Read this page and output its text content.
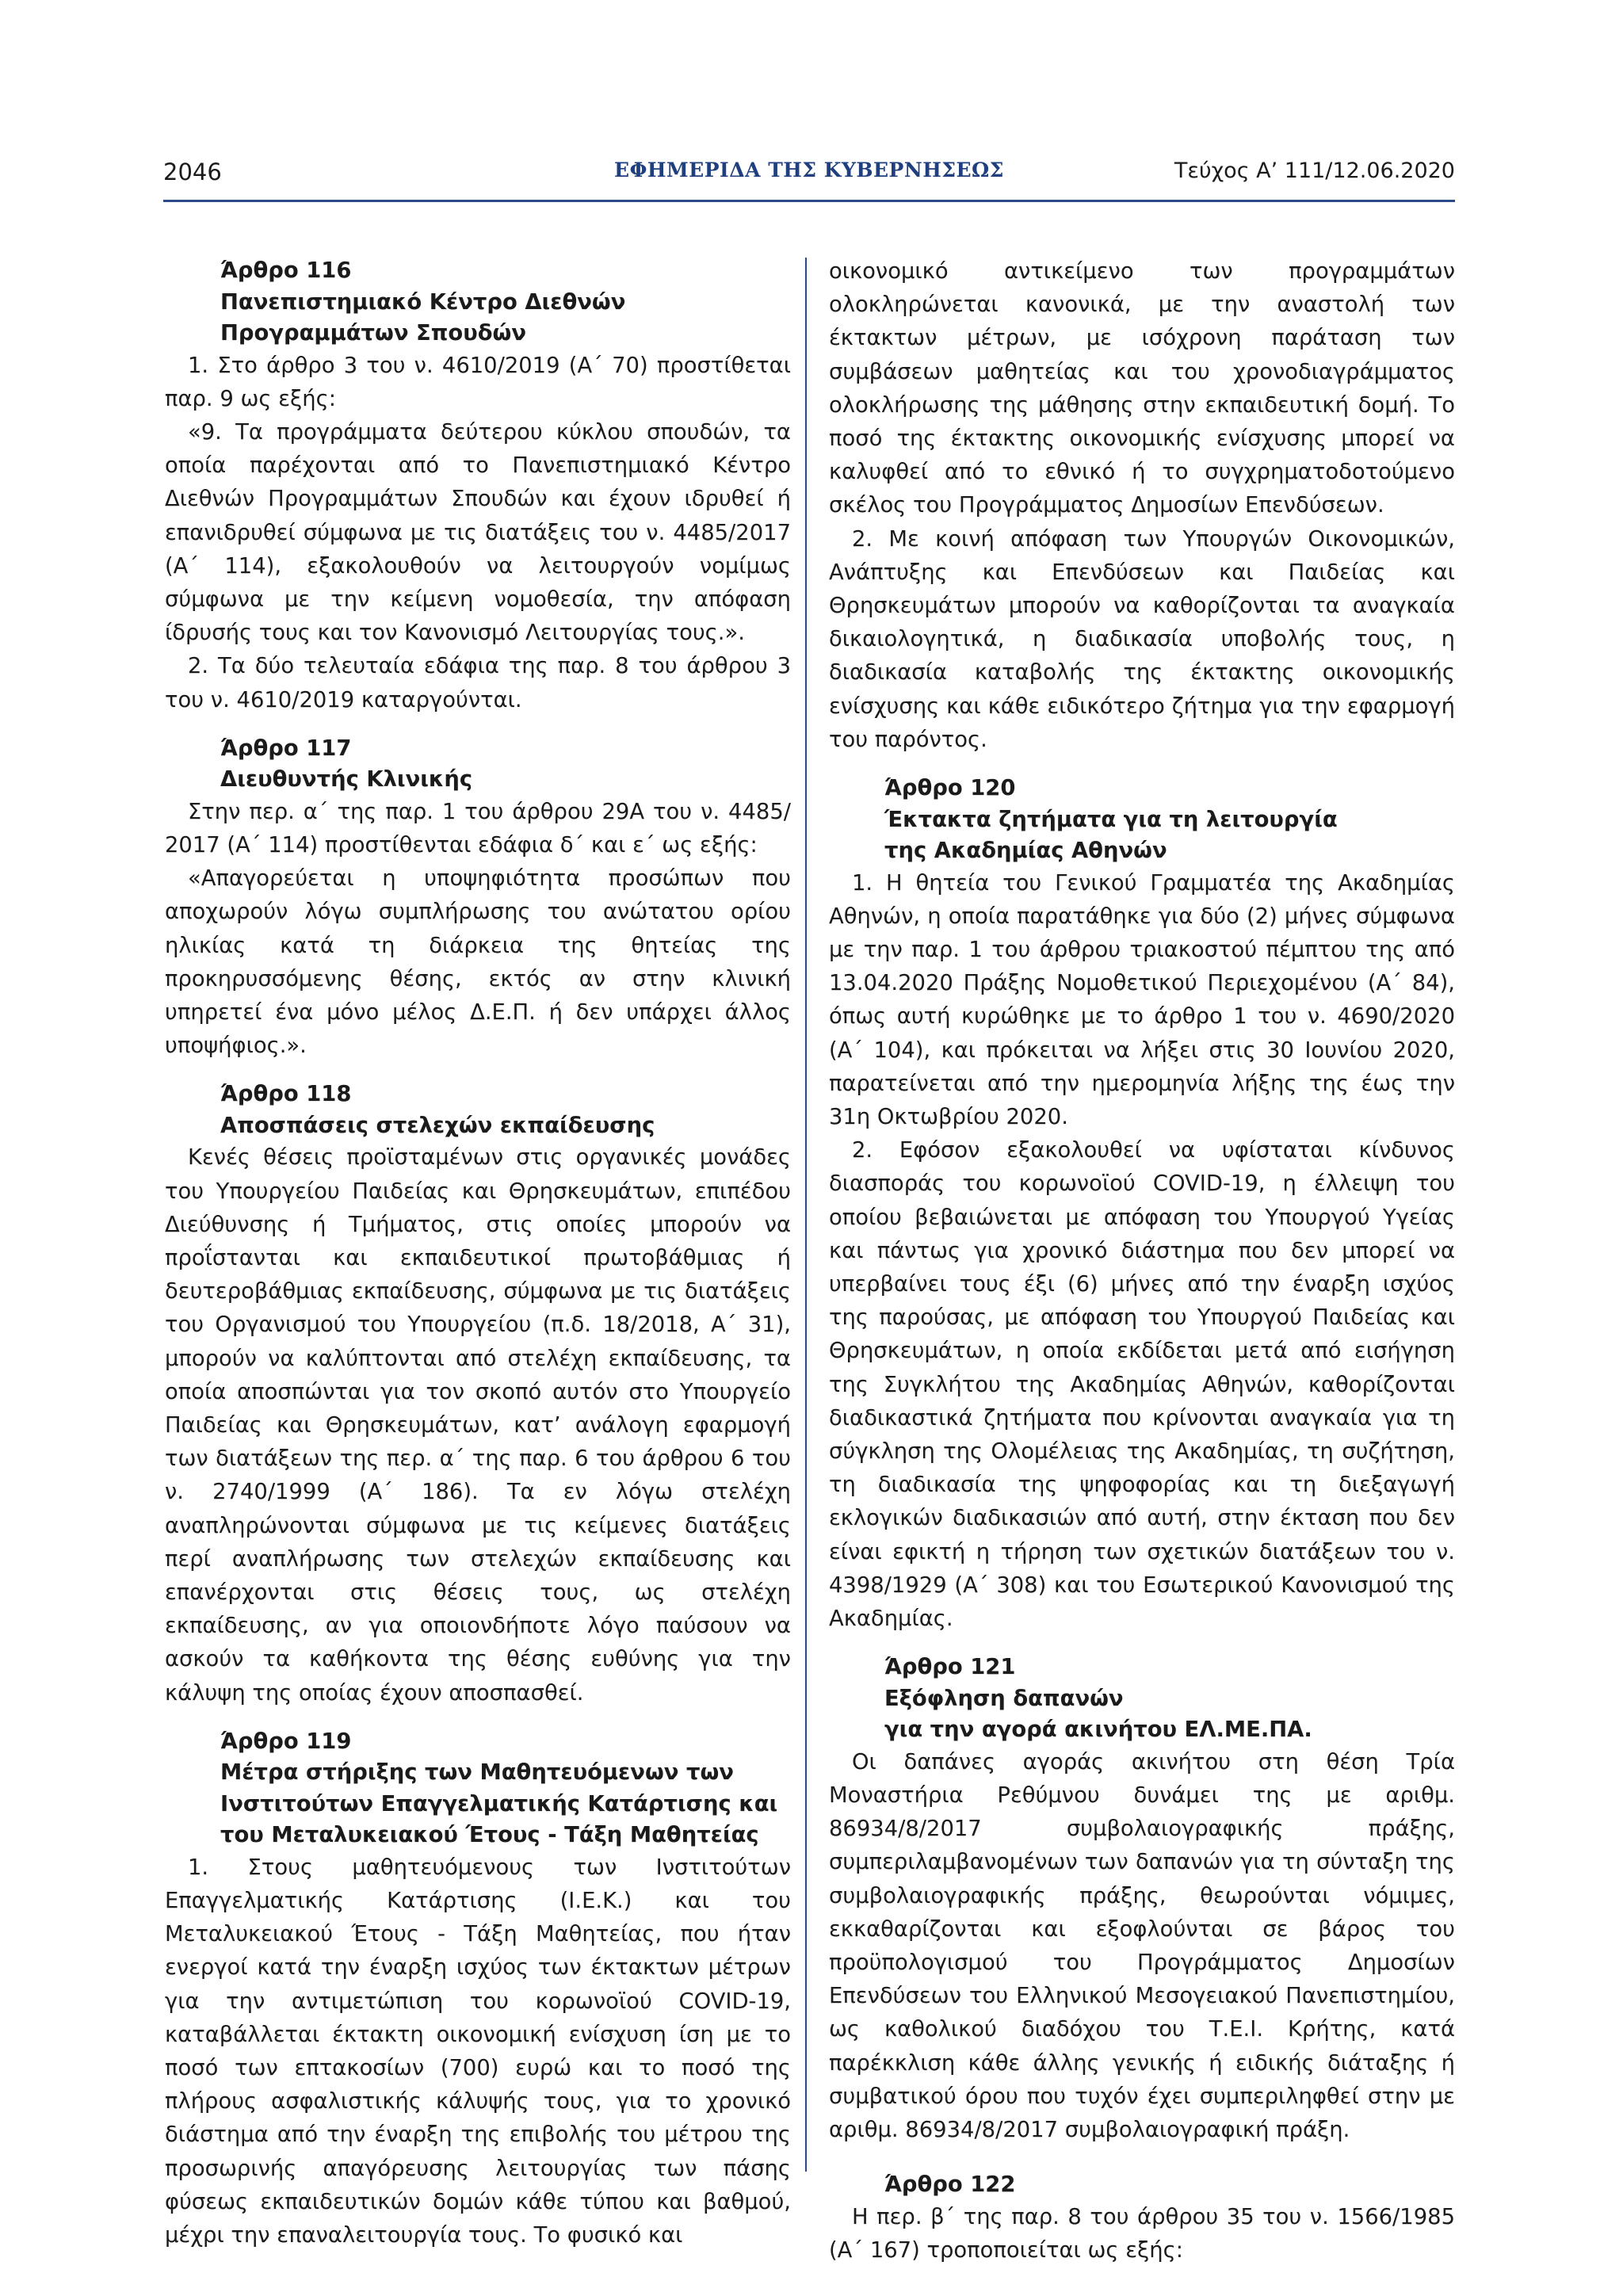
2046	ΕΦΗΜΕΡΙΔΑ ΤΗΣ ΚΥΒΕΡΝΗΣΕΩΣ	Τεύχος Α’ 111/12.06.2020
Άρθρο 116
Πανεπιστημιακό Κέντρο Διεθνών
Προγραμμάτων Σπουδών

1. Στο άρθρο 3 του ν. 4610/2019 (Α΄ 70) προστίθεται παρ. 9 ως εξής:

«9. Τα προγράμματα δεύτερου κύκλου σπουδών, τα οποία παρέχονται από το Πανεπιστημιακό Κέντρο Διεθνών Προγραμμάτων Σπουδών και έχουν ιδρυθεί ή επανιδρυθεί σύμφωνα με τις διατάξεις του ν. 4485/2017 (Α΄ 114), εξακολουθούν να λειτουργούν νομίμως σύμφωνα με την κείμενη νομοθεσία, την απόφαση ίδρυσής τους και τον Κανονισμό Λειτουργίας τους.».

2. Τα δύο τελευταία εδάφια της παρ. 8 του άρθρου 3 του ν. 4610/2019 καταργούνται.

Άρθρο 117
Διευθυντής Κλινικής

Στην περ. α΄ της παρ. 1 του άρθρου 29Α του ν. 4485/ 2017 (Α΄ 114) προστίθενται εδάφια δ΄ και ε΄ ως εξής:

«Απαγορεύεται η υποψηφιότητα προσώπων που αποχωρούν λόγω συμπλήρωσης του ανώτατου ορίου ηλικίας κατά τη διάρκεια της θητείας της προκηρυσσόμενης θέσης, εκτός αν στην κλινική υπηρετεί ένα μόνο μέλος Δ.Ε.Π. ή δεν υπάρχει άλλος υποψήφιος.».

Άρθρο 118
Αποσπάσεις στελεχών εκπαίδευσης

Κενές θέσεις προϊσταμένων στις οργανικές μονάδες του Υπουργείου Παιδείας και Θρησκευμάτων, επιπέδου Διεύθυνσης ή Τμήματος, στις οποίες μπορούν να προΐστανται και εκπαιδευτικοί πρωτοβάθμιας ή δευτεροβάθμιας εκπαίδευσης, σύμφωνα με τις διατάξεις του Οργανισμού του Υπουργείου (π.δ. 18/2018, Α΄ 31), μπορούν να καλύπτονται από στελέχη εκπαίδευσης, τα οποία αποσπώνται για τον σκοπό αυτόν στο Υπουργείο Παιδείας και Θρησκευμάτων, κατ’ ανάλογη εφαρμογή των διατάξεων της περ. α΄ της παρ. 6 του άρθρου 6 του ν. 2740/1999 (Α΄ 186). Τα εν λόγω στελέχη αναπληρώνονται σύμφωνα με τις κείμενες διατάξεις περί αναπλήρωσης των στελεχών εκπαίδευσης και επανέρχονται στις θέσεις τους, ως στελέχη εκπαίδευσης, αν για οποιονδήποτε λόγο παύσουν να ασκούν τα καθήκοντα της θέσης ευθύνης για την κάλυψη της οποίας έχουν αποσπασθεί.

Άρθρο 119
Μέτρα στήριξης των Μαθητευόμενων των
Ινστιτούτων Επαγγελματικής Κατάρτισης και
του Μεταλυκειακού Έτους - Τάξη Μαθητείας

1. Στους μαθητευόμενους των Ινστιτούτων Επαγγελματικής Κατάρτισης (Ι.Ε.Κ.) και του Μεταλυκειακού Έτους - Τάξη Μαθητείας, που ήταν ενεργοί κατά την έναρξη ισχύος των έκτακτων μέτρων για την αντιμετώπιση του κορωνοϊού COVID-19, καταβάλλεται έκτακτη οικονομική ενίσχυση ίση με το ποσό των επτακοσίων (700) ευρώ και το ποσό της πλήρους ασφαλιστικής κάλυψής τους, για το χρονικό διάστημα από την έναρξη της επιβολής του μέτρου της προσωρινής απαγόρευσης λειτουργίας των πάσης φύσεως εκπαιδευτικών δομών κάθε τύπου και βαθμού, μέχρι την επαναλειτουργία τους. Το φυσικό και

οικονομικό αντικείμενο των προγραμμάτων ολοκληρώνεται κανονικά, με την αναστολή των έκτακτων μέτρων, με ισόχρονη παράταση των συμβάσεων μαθητείας και του χρονοδιαγράμματος ολοκλήρωσης της μάθησης στην εκπαιδευτική δομή. Το ποσό της έκτακτης οικονομικής ενίσχυσης μπορεί να καλυφθεί από το εθνικό ή το συγχρηματοδοτούμενο σκέλος του Προγράμματος Δημοσίων Επενδύσεων.

2. Με κοινή απόφαση των Υπουργών Οικονομικών, Ανάπτυξης και Επενδύσεων και Παιδείας και Θρησκευμάτων μπορούν να καθορίζονται τα αναγκαία δικαιολογητικά, η διαδικασία υποβολής τους, η διαδικασία καταβολής της έκτακτης οικονομικής ενίσχυσης και κάθε ειδικότερο ζήτημα για την εφαρμογή του παρόντος.

Άρθρο 120
Έκτακτα ζητήματα για τη λειτουργία
της Ακαδημίας Αθηνών

1. Η θητεία του Γενικού Γραμματέα της Ακαδημίας Αθηνών, η οποία παρατάθηκε για δύο (2) μήνες σύμφωνα με την παρ. 1 του άρθρου τριακοστού πέμπτου της από 13.04.2020 Πράξης Νομοθετικού Περιεχομένου (Α΄ 84), όπως αυτή κυρώθηκε με το άρθρο 1 του ν. 4690/2020 (Α΄ 104), και πρόκειται να λήξει στις 30 Ιουνίου 2020, παρατείνεται από την ημερομηνία λήξης της έως την 31η Οκτωβρίου 2020.

2. Εφόσον εξακολουθεί να υφίσταται κίνδυνος διασποράς του κορωνοϊού COVID-19, η έλλειψη του οποίου βεβαιώνεται με απόφαση του Υπουργού Υγείας και πάντως για χρονικό διάστημα που δεν μπορεί να υπερβαίνει τους έξι (6) μήνες από την έναρξη ισχύος της παρούσας, με απόφαση του Υπουργού Παιδείας και Θρησκευμάτων, η οποία εκδίδεται μετά από εισήγηση της Συγκλήτου της Ακαδημίας Αθηνών, καθορίζονται διαδικαστικά ζητήματα που κρίνονται αναγκαία για τη σύγκληση της Ολομέλειας της Ακαδημίας, τη συζήτηση, τη διαδικασία της ψηφοφορίας και τη διεξαγωγή εκλογικών διαδικασιών από αυτή, στην έκταση που δεν είναι εφικτή η τήρηση των σχετικών διατάξεων του ν. 4398/1929 (Α΄ 308) και του Εσωτερικού Κανονισμού της Ακαδημίας.

Άρθρο 121
Εξόφληση δαπανών
για την αγορά ακινήτου ΕΛ.ΜΕ.ΠΑ.

Οι δαπάνες αγοράς ακινήτου στη θέση Τρία Μοναστήρια Ρεθύμνου δυνάμει της με αριθμ. 86934/8/2017 συμβολαιογραφικής πράξης, συμπεριλαμβανομένων των δαπανών για τη σύνταξη της συμβολαιογραφικής πράξης, θεωρούνται νόμιμες, εκκαθαρίζονται και εξοφλούνται σε βάρος του προϋπολογισμού του Προγράμματος Δημοσίων Επενδύσεων του Ελληνικού Μεσογειακού Πανεπιστημίου, ως καθολικού διαδόχου του Τ.Ε.Ι. Κρήτης, κατά παρέκκλιση κάθε άλλης γενικής ή ειδικής διάταξης ή συμβατικού όρου που τυχόν έχει συμπεριληφθεί στην με αριθμ. 86934/8/2017 συμβολαιογραφική πράξη.

Άρθρο 122

Η περ. β΄ της παρ. 8 του άρθρου 35 του ν. 1566/1985 (Α΄ 167) τροποποιείται ως εξής:
